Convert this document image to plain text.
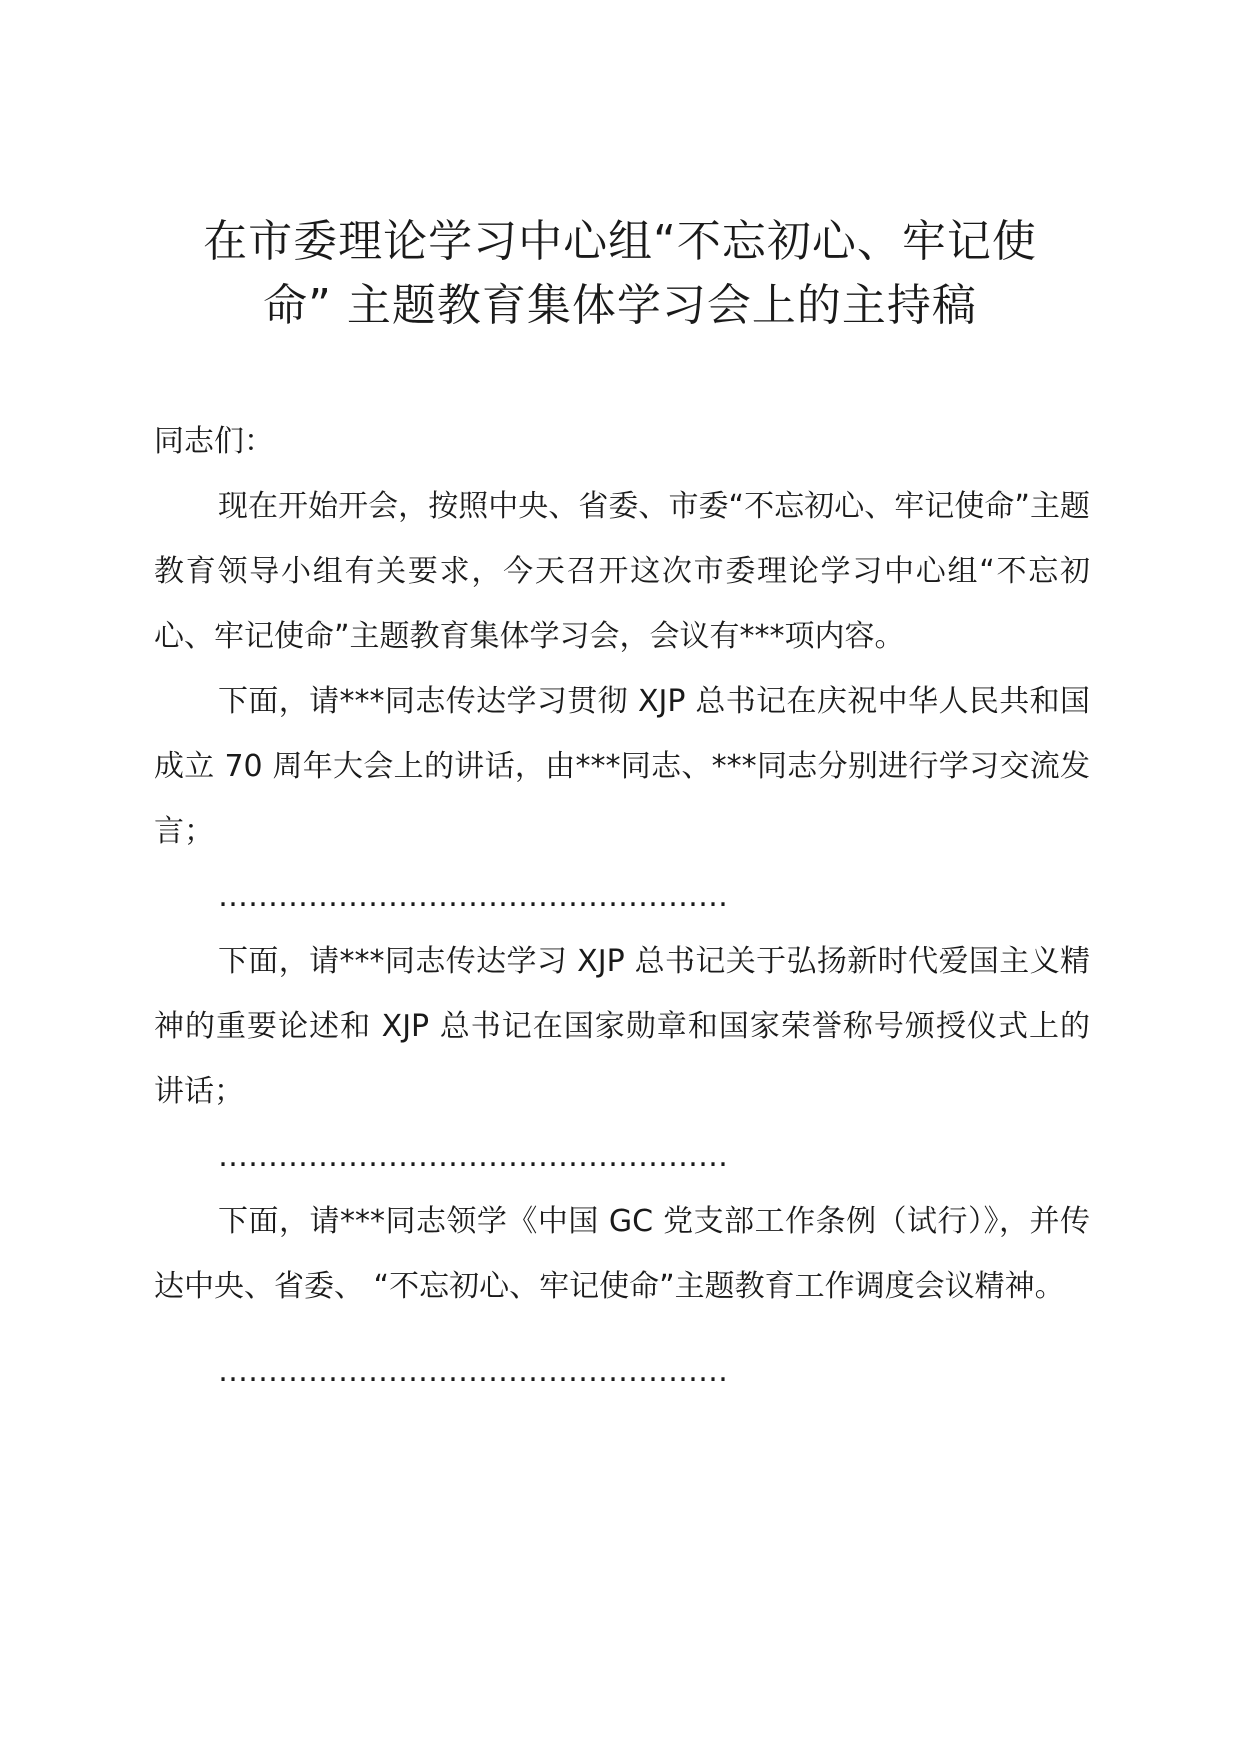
在市委理论学习中心组“不忘初心、牢记使
命” 主题教育集体学习会上的主持稿

同志们：

现在开始开会，按照中央、省委、市委“不忘初心、牢记使命”主题教育领导小组有关要求，今天召开这次市委理论学习中心组“不忘初心、牢记使命”主题教育集体学习会，会议有***项内容。

下面，请***同志传达学习贯彻 XJP 总书记在庆祝中华人民共和国成立 70 周年大会上的讲话，由***同志、***同志分别进行学习交流发言；

……………………………………………

下面，请***同志传达学习 XJP 总书记关于弘扬新时代爱国主义精神的重要论述和 XJP 总书记在国家勋章和国家荣誉称号颁授仪式上的讲话；

……………………………………………

下面，请***同志领学《中国 GC 党支部工作条例（试行）》，并传达中央、省委、 “不忘初心、牢记使命”主题教育工作调度会议精神。

……………………………………………
